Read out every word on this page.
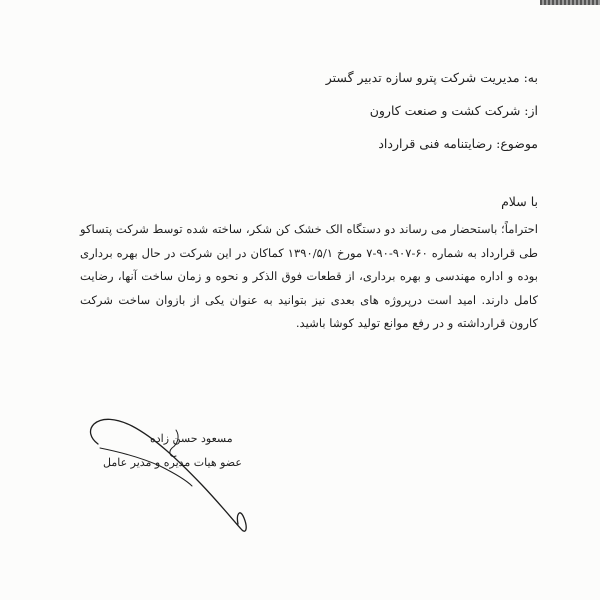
به: مدیریت شرکت پترو سازه تدبیر گستر
از: شرکت کشت و صنعت کارون
موضوع: رضایتنامه فنی قرارداد
با سلام

احتراماً؛ باستحضار می رساند دو دستگاه الک خشک کن شکر، ساخته شده توسط شرکت پتساکو طی قرارداد به شماره ۶۰-۹۰۷-۹۰-۷ مورخ ۱۳۹۰/۵/۱ کماکان در این شرکت در حال بهره برداری بوده و اداره مهندسی و بهره برداری، از قطعات فوق الذکر و نحوه و زمان ساخت آنها، رضایت کامل دارند. امید است درپروژه های بعدی نیز بتوانید به عنوان یکی از بازوان ساخت شرکت کارون قرارداشته و در رفع موانع تولید کوشا باشید.

مسعود حسن زاده
عضو هیات مدیره و مدیر عامل
